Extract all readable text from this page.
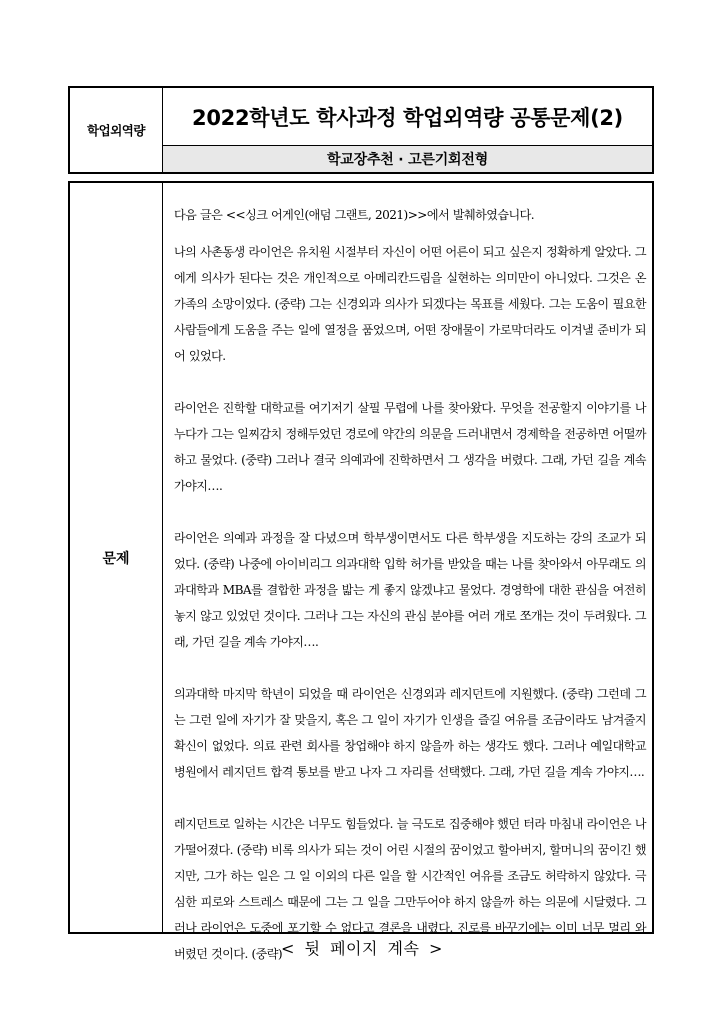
학업외역량
2022학년도 학사과정 학업외역량 공통문제(2)
학교장추천 · 고른기회전형
문제

다음 글은 <<싱크 어게인(애덤 그랜트, 2021)>>에서 발췌하였습니다.

나의 사촌동생 라이언은 유치원 시절부터 자신이 어떤 어른이 되고 싶은지 정확하게 알았다. 그에게 의사가 된다는 것은 개인적으로 아메리칸드림을 실현하는 의미만이 아니었다. 그것은 온 가족의 소망이었다. (중략) 그는 신경외과 의사가 되겠다는 목표를 세웠다. 그는 도움이 필요한 사람들에게 도움을 주는 일에 열정을 품었으며, 어떤 장애물이 가로막더라도 이겨낼 준비가 되어 있었다.

라이언은 진학할 대학교를 여기저기 살필 무렵에 나를 찾아왔다. 무엇을 전공할지 이야기를 나누다가 그는 일찌감치 정해두었던 경로에 약간의 의문을 드러내면서 경제학을 전공하면 어떨까 하고 물었다. (중략) 그러나 결국 의예과에 진학하면서 그 생각을 버렸다. 그래, 가던 길을 계속 가야지….

라이언은 의예과 과정을 잘 다녔으며 학부생이면서도 다른 학부생을 지도하는 강의 조교가 되었다. (중략) 나중에 아이비리그 의과대학 입학 허가를 받았을 때는 나를 찾아와서 아무래도 의과대학과 MBA를 결합한 과정을 밟는 게 좋지 않겠냐고 물었다. 경영학에 대한 관심을 여전히 놓지 않고 있었던 것이다. 그러나 그는 자신의 관심 분야를 여러 개로 쪼개는 것이 두려웠다. 그래, 가던 길을 계속 가야지….

의과대학 마지막 학년이 되었을 때 라이언은 신경외과 레지던트에 지원했다. (중략) 그런데 그는 그런 일에 자기가 잘 맞을지, 혹은 그 일이 자기가 인생을 즐길 여유를 조금이라도 남겨줄지 확신이 없었다. 의료 관련 회사를 창업해야 하지 않을까 하는 생각도 했다. 그러나 예일대학교 병원에서 레지던트 합격 통보를 받고 나자 그 자리를 선택했다. 그래, 가던 길을 계속 가야지….

레지던트로 일하는 시간은 너무도 힘들었다. 늘 극도로 집중해야 했던 터라 마침내 라이언은 나가떨어졌다. (중략) 비록 의사가 되는 것이 어린 시절의 꿈이었고 할아버지, 할머니의 꿈이긴 했지만, 그가 하는 일은 그 일 이외의 다른 일을 할 시간적인 여유를 조금도 허락하지 않았다. 극심한 피로와 스트레스 때문에 그는 그 일을 그만두어야 하지 않을까 하는 의문에 시달렸다. 그러나 라이언은 도중에 포기할 수 없다고 결론을 내렸다. 진로를 바꾸기에는 이미 너무 멀리 와버렸던 것이다. (중략)

< 뒷 페이지 계속 >
